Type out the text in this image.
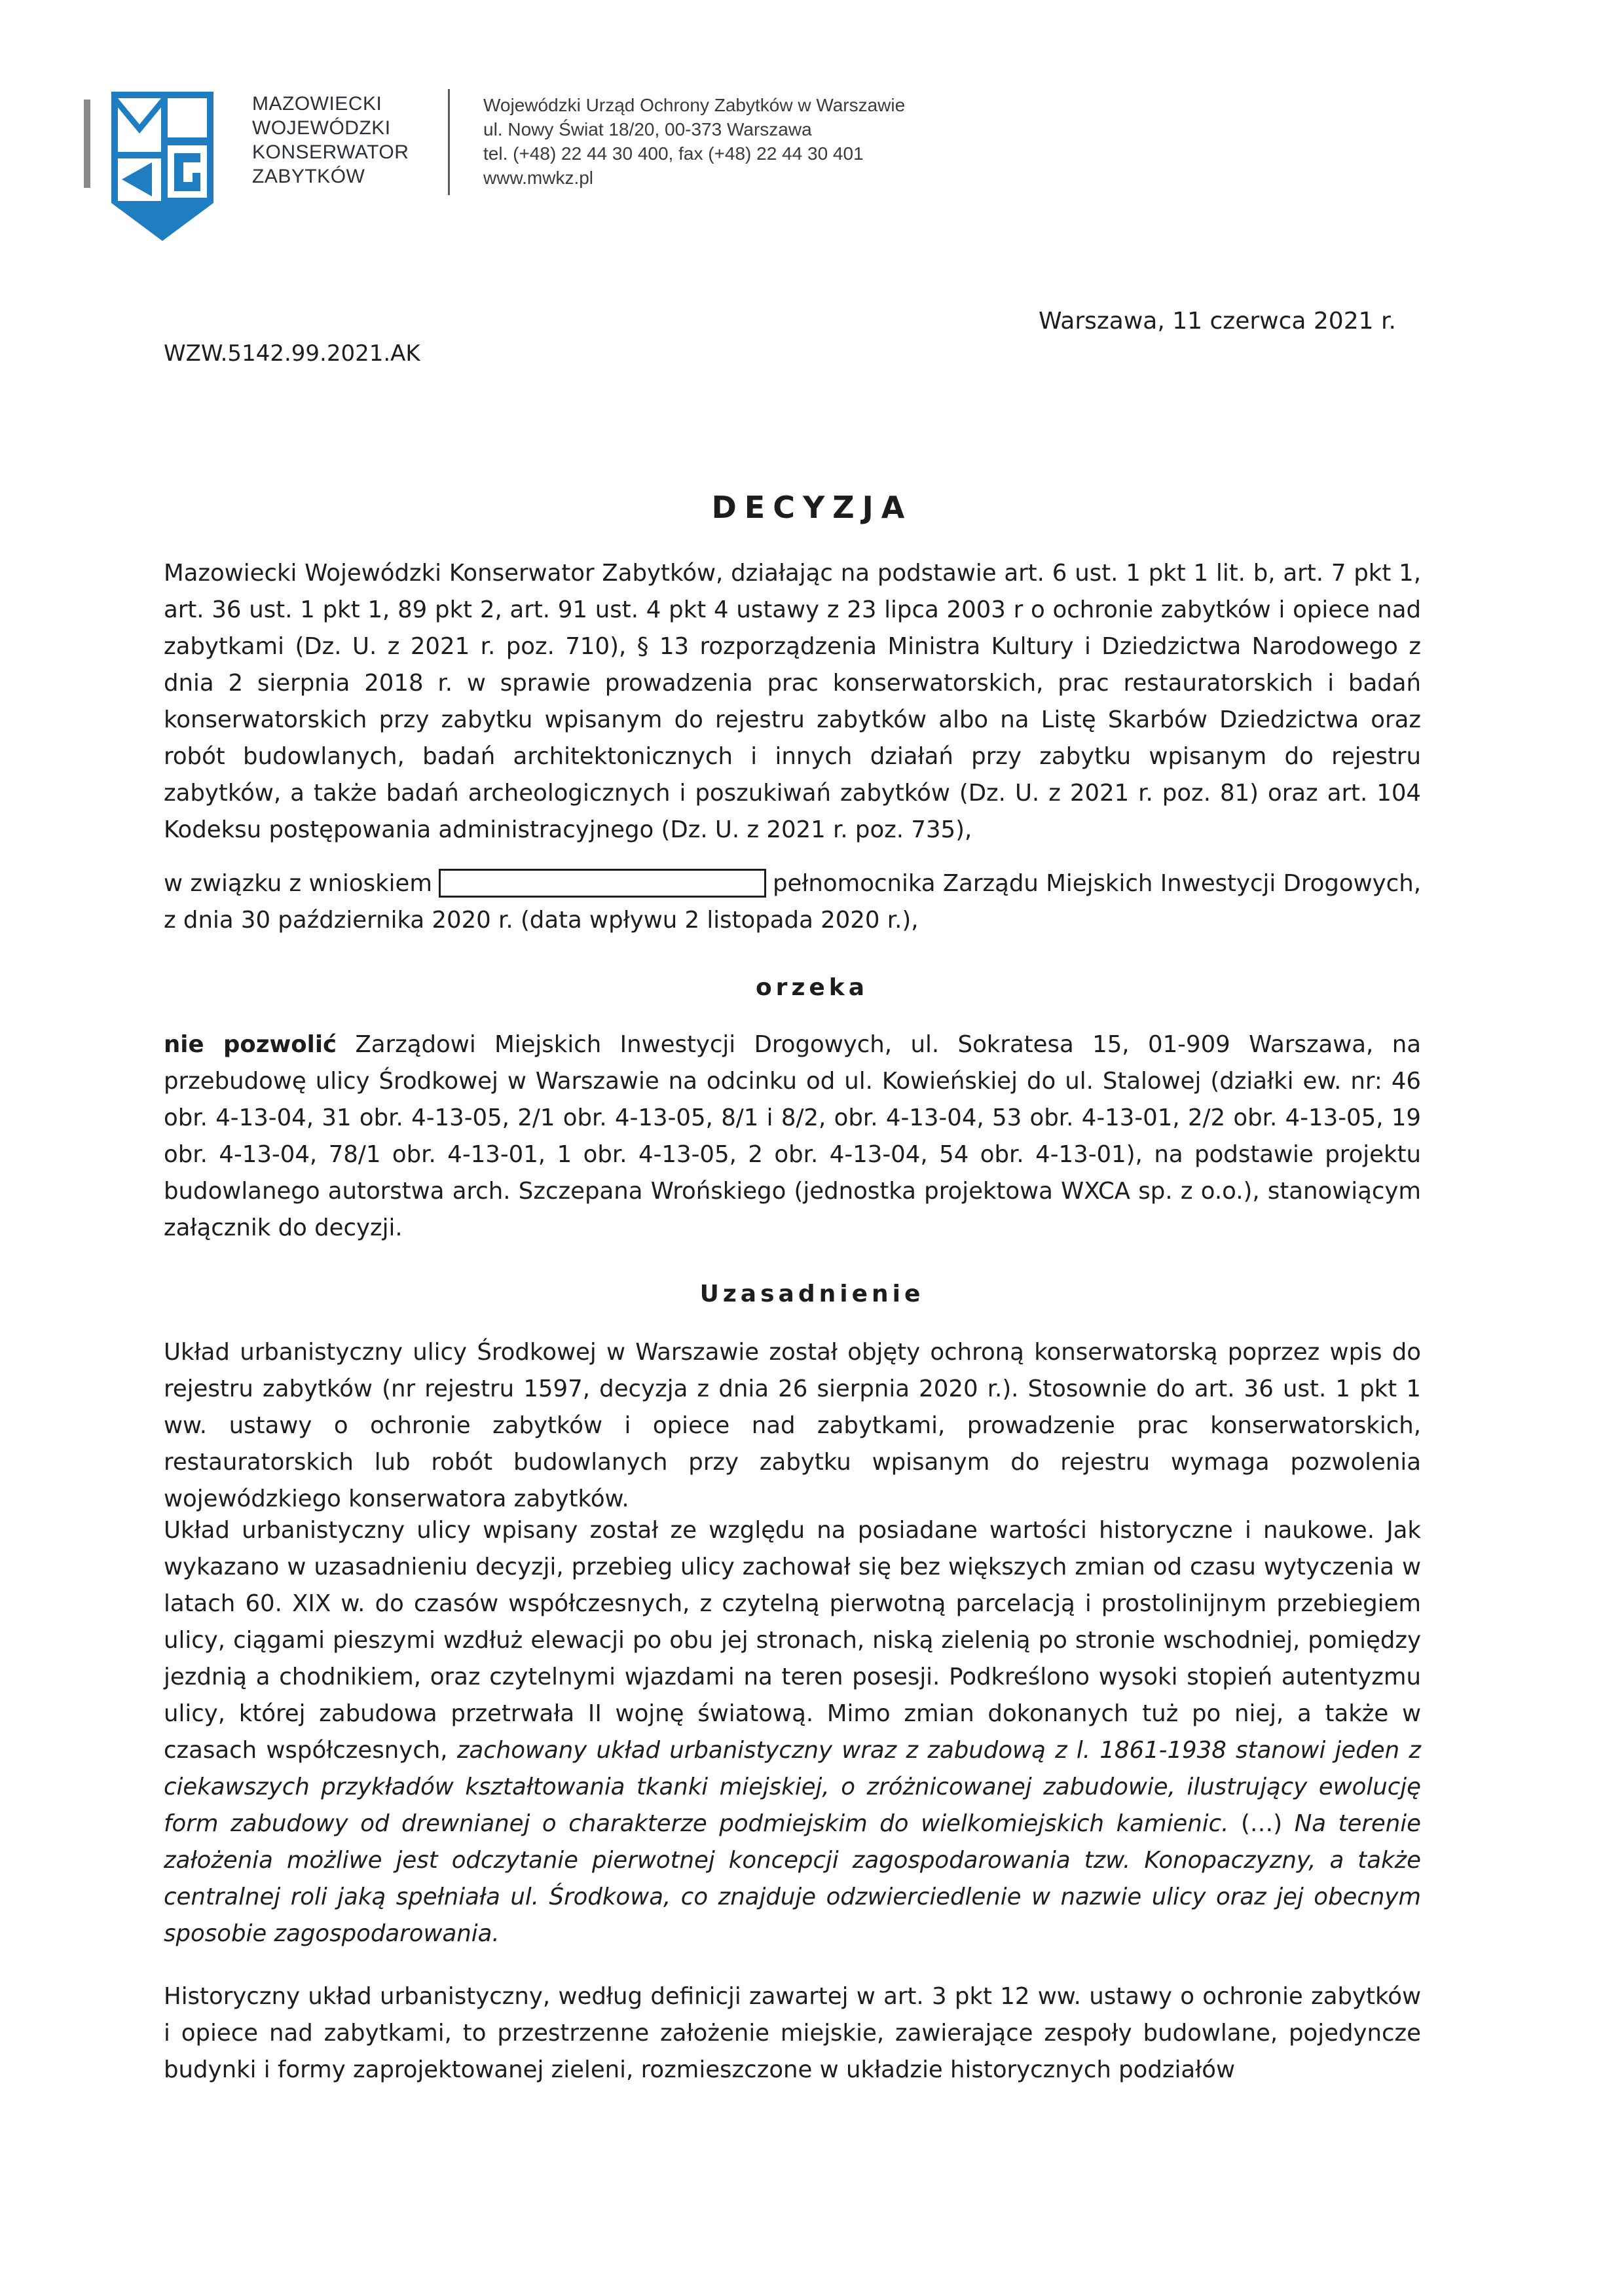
MAZOWIECKI
WOJEWÓDZKI
KONSERWATOR
ZABYTKÓW
Wojewódzki Urząd Ochrony Zabytków w Warszawie
ul. Nowy Świat 18/20, 00-373 Warszawa
tel. (+48) 22 44 30 400, fax (+48) 22 44 30 401
www.mwkz.pl
Warszawa, 11 czerwca 2021 r.
WZW.5142.99.2021.AK
DECYZJA
Mazowiecki Wojewódzki Konserwator Zabytków, działając na podstawie art. 6 ust. 1 pkt 1 lit. b, art. 7 pkt 1, art. 36 ust. 1 pkt 1, 89 pkt 2, art. 91 ust. 4 pkt 4 ustawy z 23 lipca 2003 r o ochronie zabytków i opiece nad zabytkami (Dz. U. z 2021 r. poz. 710), § 13 rozporządzenia Ministra Kultury i Dziedzictwa Narodowego z dnia 2 sierpnia 2018 r. w sprawie prowadzenia prac konserwatorskich, prac restauratorskich i badań konserwatorskich przy zabytku wpisanym do rejestru zabytków albo na Listę Skarbów Dziedzictwa oraz robót budowlanych, badań architektonicznych i innych działań przy zabytku wpisanym do rejestru zabytków, a także badań archeologicznych i poszukiwań zabytków (Dz. U. z 2021 r. poz. 81) oraz art. 104 Kodeksu postępowania administracyjnego (Dz. U. z 2021 r. poz. 735),
w związku z wnioskiem	pełnomocnika Zarządu Miejskich Inwestycji Drogowych, z dnia 30 października 2020 r. (data wpływu 2 listopada 2020 r.),
orzeka
nie pozwolić Zarządowi Miejskich Inwestycji Drogowych, ul. Sokratesa 15, 01-909 Warszawa, na przebudowę ulicy Środkowej w Warszawie na odcinku od ul. Kowieńskiej do ul. Stalowej (działki ew. nr: 46 obr. 4-13-04, 31 obr. 4-13-05, 2/1 obr. 4-13-05, 8/1 i 8/2, obr. 4-13-04, 53 obr. 4-13-01, 2/2 obr. 4-13-05, 19 obr. 4-13-04, 78/1 obr. 4-13-01, 1 obr. 4-13-05, 2 obr. 4-13-04, 54 obr. 4-13-01), na podstawie projektu budowlanego autorstwa arch. Szczepana Wrońskiego (jednostka projektowa WXCA sp. z o.o.), stanowiącym załącznik do decyzji.
Uzasadnienie
Układ urbanistyczny ulicy Środkowej w Warszawie został objęty ochroną konserwatorską poprzez wpis do rejestru zabytków (nr rejestru 1597, decyzja z dnia 26 sierpnia 2020 r.). Stosownie do art. 36 ust. 1 pkt 1 ww. ustawy o ochronie zabytków i opiece nad zabytkami, prowadzenie prac konserwatorskich, restauratorskich lub robót budowlanych przy zabytku wpisanym do rejestru wymaga pozwolenia wojewódzkiego konserwatora zabytków.
Układ urbanistyczny ulicy wpisany został ze względu na posiadane wartości historyczne i naukowe. Jak wykazano w uzasadnieniu decyzji, przebieg ulicy zachował się bez większych zmian od czasu wytyczenia w latach 60. XIX w. do czasów współczesnych, z czytelną pierwotną parcelacją i prostolinijnym przebiegiem ulicy, ciągami pieszymi wzdłuż elewacji po obu jej stronach, niską zielenią po stronie wschodniej, pomiędzy jezdnią a chodnikiem, oraz czytelnymi wjazdami na teren posesji. Podkreślono wysoki stopień autentyzmu ulicy, której zabudowa przetrwała II wojnę światową. Mimo zmian dokonanych tuż po niej, a także w czasach współczesnych, zachowany układ urbanistyczny wraz z zabudową z l. 1861-1938 stanowi jeden z ciekawszych przykładów kształtowania tkanki miejskiej, o zróżnicowanej zabudowie, ilustrujący ewolucję form zabudowy od drewnianej o charakterze podmiejskim do wielkomiejskich kamienic. (…) Na terenie założenia możliwe jest odczytanie pierwotnej koncepcji zagospodarowania tzw. Konopaczyzny, a także centralnej roli jaką spełniała ul. Środkowa, co znajduje odzwierciedlenie w nazwie ulicy oraz jej obecnym sposobie zagospodarowania.
Historyczny układ urbanistyczny, według definicji zawartej w art. 3 pkt 12 ww. ustawy o ochronie zabytków i opiece nad zabytkami, to przestrzenne założenie miejskie, zawierające zespoły budowlane, pojedyncze budynki i formy zaprojektowanej zieleni, rozmieszczone w układzie historycznych podziałów
